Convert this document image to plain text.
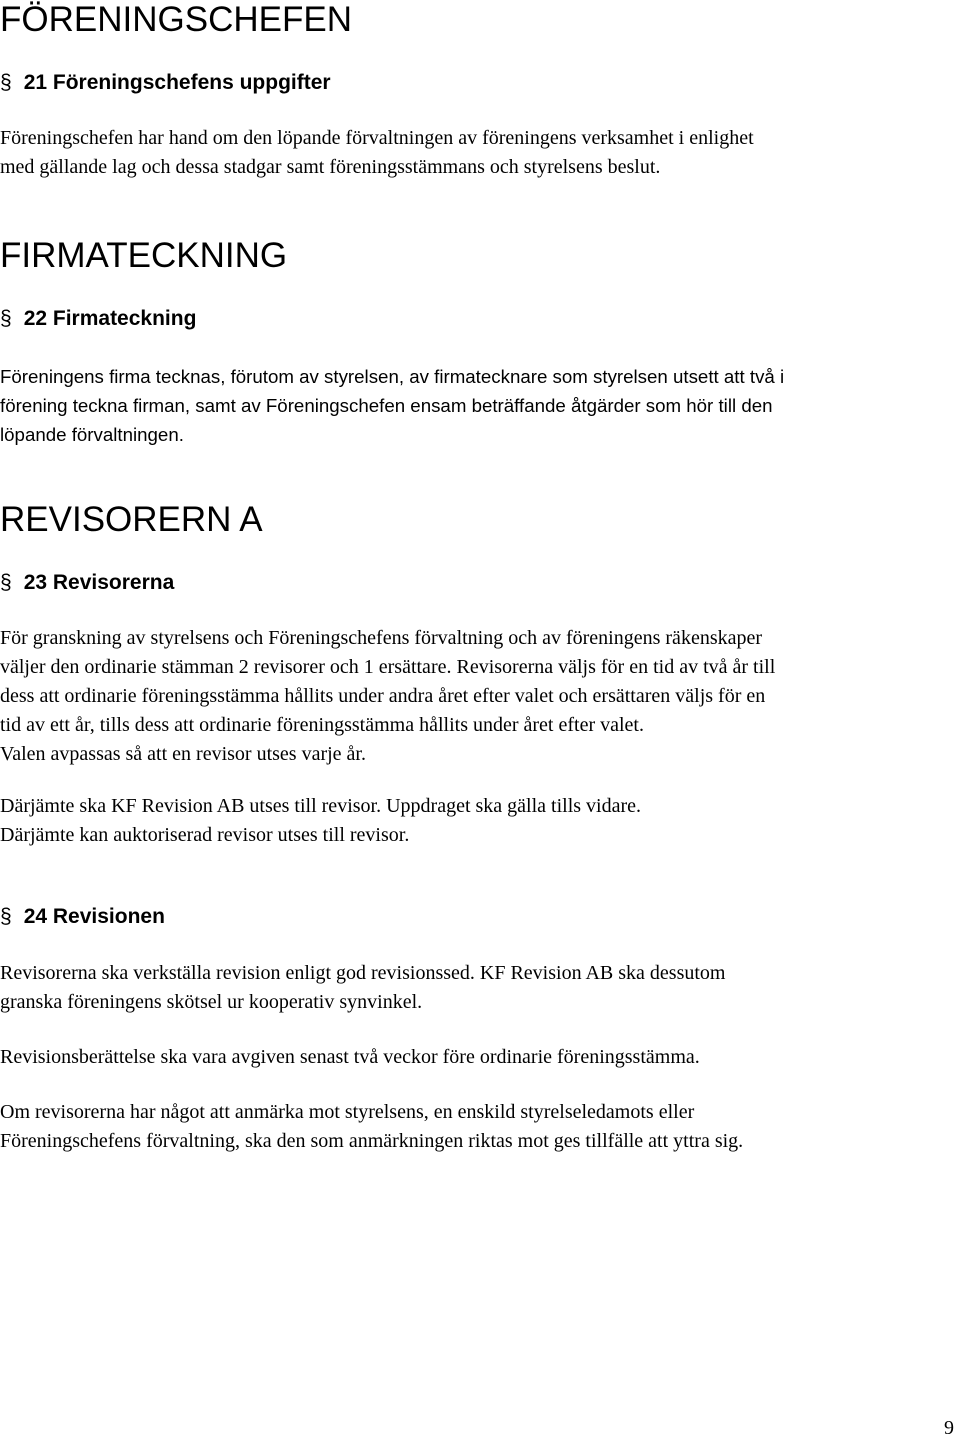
FÖRENINGSCHEFEN
§ 21 Föreningschefens uppgifter
Föreningschefen har hand om den löpande förvaltningen av föreningens verksamhet i enlighet
med gällande lag och dessa stadgar samt föreningsstämmans och styrelsens beslut.
FIRMATECKNING
§ 22 Firmateckning
Föreningens firma tecknas, förutom av styrelsen, av firmatecknare som styrelsen utsett att två i
förening teckna firman, samt av Föreningschefen ensam beträffande åtgärder som hör till den
löpande förvaltningen.
REVISORERN A
§ 23 Revisorerna
För granskning av styrelsens och Föreningschefens förvaltning och av föreningens räkenskaper
väljer den ordinarie stämman 2 revisorer och 1 ersättare. Revisorerna väljs för en tid av två år till
dess att ordinarie föreningsstämma hållits under andra året efter valet och ersättaren väljs för en
tid av ett år, tills dess att ordinarie föreningsstämma hållits under året efter valet.
Valen avpassas så att en revisor utses varje år.
Därjämte ska KF Revision AB utses till revisor. Uppdraget ska gälla tills vidare.
Därjämte kan auktoriserad revisor utses till revisor.
§ 24 Revisionen
Revisorerna ska verkställa revision enligt god revisionssed. KF Revision AB ska dessutom
granska föreningens skötsel ur kooperativ synvinkel.
Revisionsberättelse ska vara avgiven senast två veckor före ordinarie föreningsstämma.
Om revisorerna har något att anmärka mot styrelsens, en enskild styrelseledamots eller
Föreningschefens förvaltning, ska den som anmärkningen riktas mot ges tillfälle att yttra sig.
9
